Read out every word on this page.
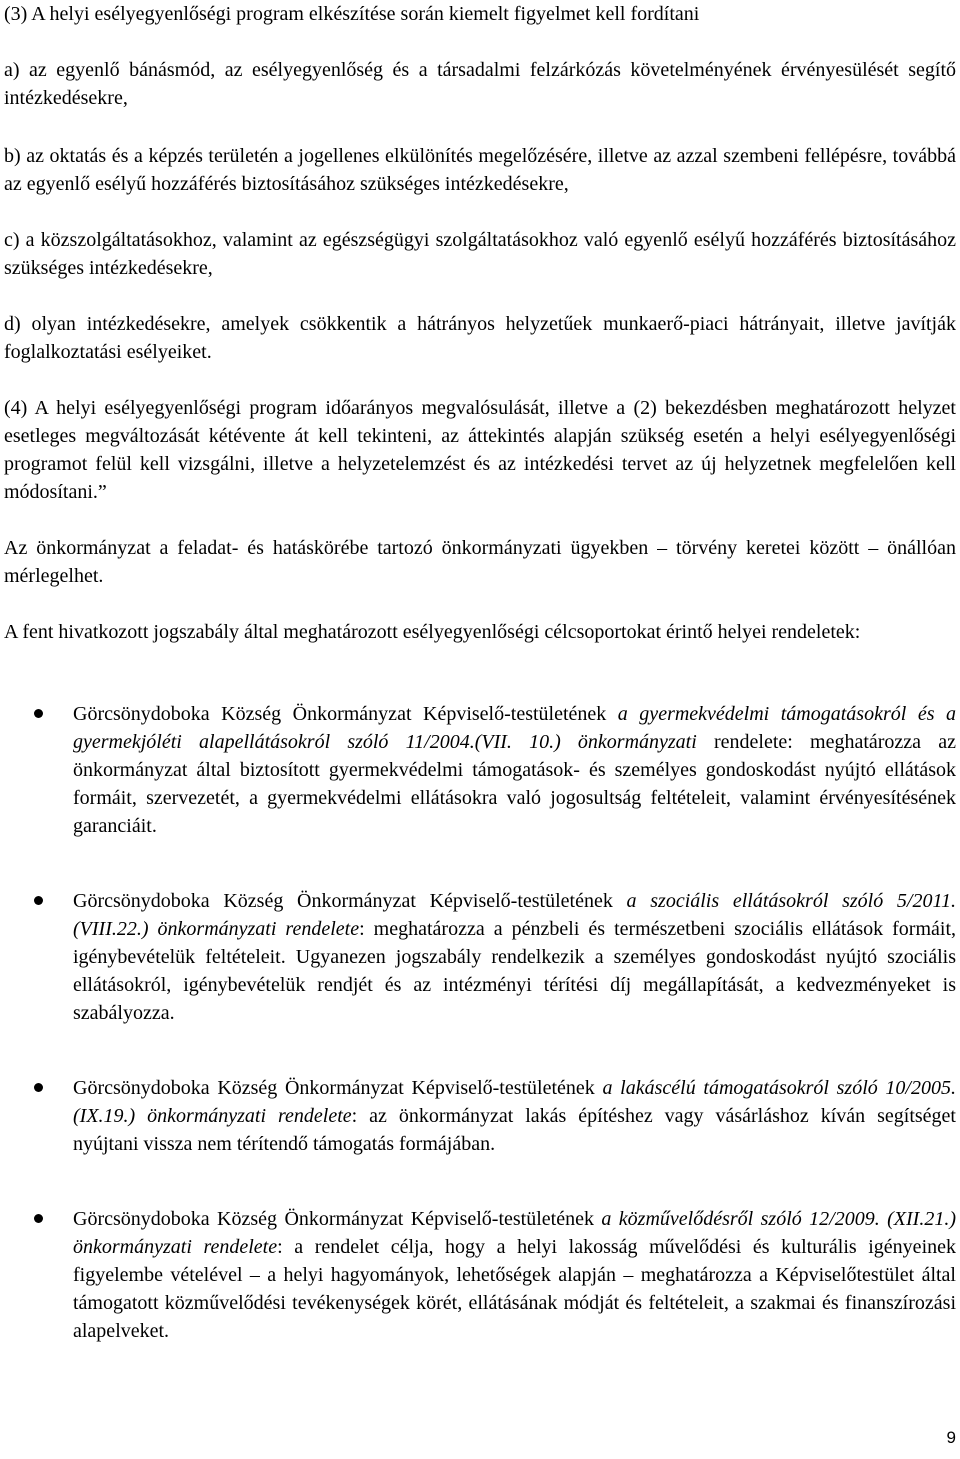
(3) A helyi esélyegyenlőségi program elkészítése során kiemelt figyelmet kell fordítani

a) az egyenlő bánásmód, az esélyegyenlőség és a társadalmi felzárkózás követelményének érvényesülését segítő intézkedésekre,

b) az oktatás és a képzés területén a jogellenes elkülönítés megelőzésére, illetve az azzal szembeni fellépésre, továbbá az egyenlő esélyű hozzáférés biztosításához szükséges intézkedésekre,

c) a közszolgáltatásokhoz, valamint az egészségügyi szolgáltatásokhoz való egyenlő esélyű hozzáférés biztosításához szükséges intézkedésekre,

d) olyan intézkedésekre, amelyek csökkentik a hátrányos helyzetűek munkaerő-piaci hátrányait, illetve javítják foglalkoztatási esélyeiket.

(4) A helyi esélyegyenlőségi program időarányos megvalósulását, illetve a (2) bekezdésben meghatározott helyzet esetleges megváltozását kétévente át kell tekinteni, az áttekintés alapján szükség esetén a helyi esélyegyenlőségi programot felül kell vizsgálni, illetve a helyzetelemzést és az intézkedési tervet az új helyzetnek megfelelően kell módosítani.”

Az önkormányzat a feladat- és hatáskörébe tartozó önkormányzati ügyekben – törvény keretei között – önállóan mérlegelhet.

A fent hivatkozott jogszabály által meghatározott esélyegyenlőségi célcsoportokat érintő helyei rendeletek:

Görcsönydoboka Község Önkormányzat Képviselő-testületének a gyermekvédelmi támogatásokról és a gyermekjóléti alapellátásokról szóló 11/2004.(VII. 10.) önkormányzati rendelete: meghatározza az önkormányzat által biztosított gyermekvédelmi támogatások- és személyes gondoskodást nyújtó ellátások formáit, szervezetét, a gyermekvédelmi ellátásokra való jogosultság feltételeit, valamint érvényesítésének garanciáit.

Görcsönydoboka Község Önkormányzat Képviselő-testületének a szociális ellátásokról szóló 5/2011. (VIII.22.) önkormányzati rendelete: meghatározza a pénzbeli és természetbeni szociális ellátások formáit, igénybevételük feltételeit. Ugyanezen jogszabály rendelkezik a személyes gondoskodást nyújtó szociális ellátásokról, igénybevételük rendjét és az intézményi térítési díj megállapítását, a kedvezményeket is szabályozza.

Görcsönydoboka Község Önkormányzat Képviselő-testületének a lakáscélú támogatásokról szóló 10/2005. (IX.19.) önkormányzati rendelete: az önkormányzat lakás építéshez vagy vásárláshoz kíván segítséget nyújtani vissza nem térítendő támogatás formájában.

Görcsönydoboka Község Önkormányzat Képviselő-testületének a közművelődésről szóló 12/2009. (XII.21.) önkormányzati rendelete: a rendelet célja, hogy a helyi lakosság művelődési és kulturális igényeinek figyelembe vételével – a helyi hagyományok, lehetőségek alapján – meghatározza a Képviselőtestület által támogatott közművelődési tevékenységek körét, ellátásának módját és feltételeit, a szakmai és finanszírozási alapelveket.

9
